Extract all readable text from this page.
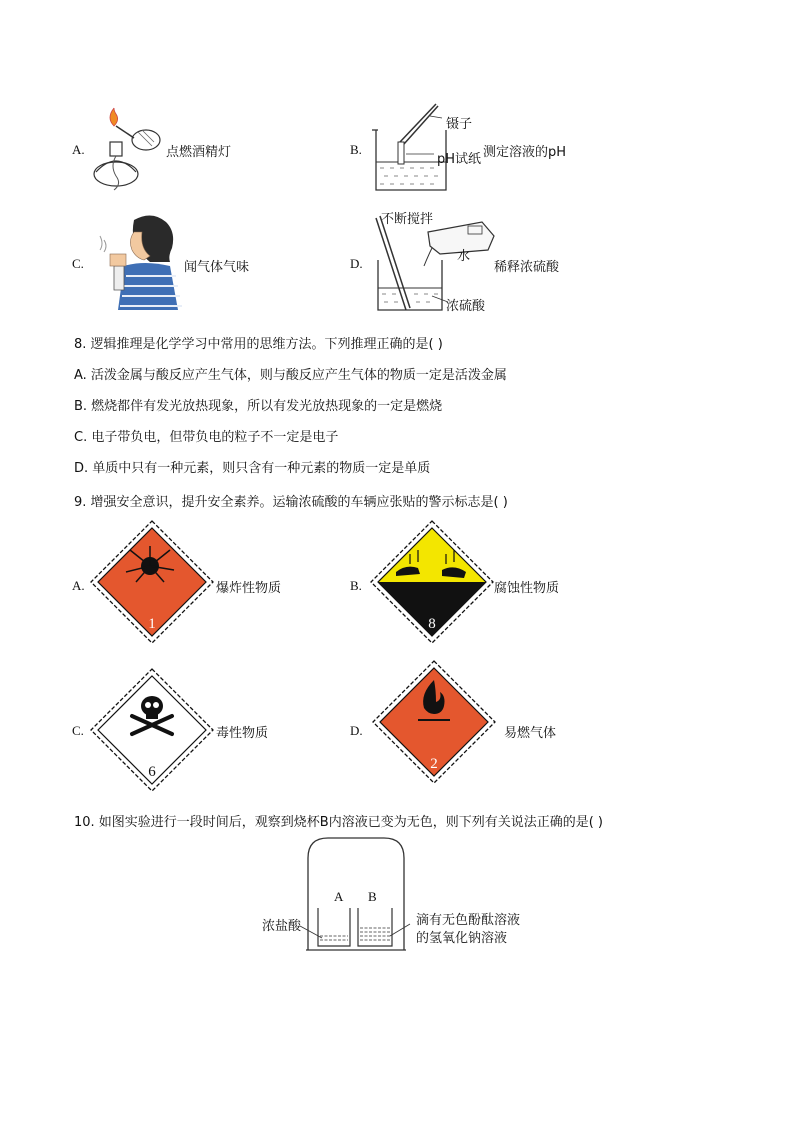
A.	点燃酒精灯	B.
镊子
pH试纸 测定溶液的pH
C.	闻气体气味	D.
不断搅拌
水
稀释浓硫酸
浓硫酸
8. 逻辑推理是化学学习中常用的思维方法。下列推理正确的是( )
A. 活泼金属与酸反应产生气体，则与酸反应产生气体的物质一定是活泼金属
B. 燃烧都伴有发光放热现象，所以有发光放热现象的一定是燃烧
C. 电子带负电，但带负电的粒子不一定是电子
D. 单质中只有一种元素，则只含有一种元素的物质一定是单质
9. 增强安全意识，提升安全素养。运输浓硫酸的车辆应张贴的警示标志是( )
A.
1
爆炸性物质	B.
8
腐蚀性物质
C.
6
毒性物质	D.
2
易燃气体
10. 如图实验进行一段时间后，观察到烧杯B内溶液已变为无色，则下列有关说法正确的是( )
A B
浓盐酸	滴有无色酚酞溶液
的氢氧化钠溶液
